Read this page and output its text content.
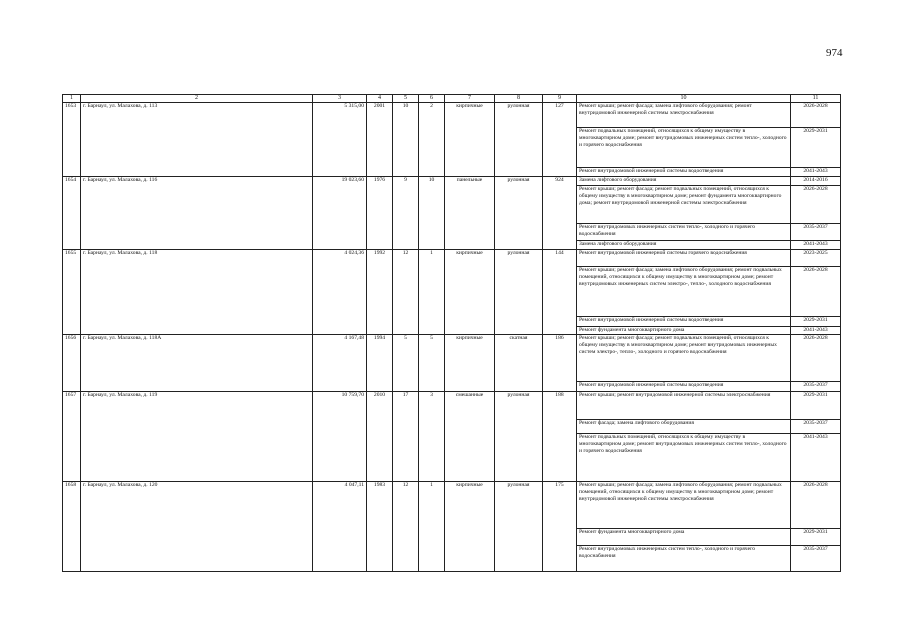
974
1	2	3	4	5	6	7	8	9	10	11
1653	г. Барнаул, ул. Малахова, д. 113	5 315,00	2001	10	2	кирпичные	рулонная	127	Ремонт крыши; ремонт фасада; замена лифтового оборудования; ремонт внутридомовой инженерной системы электроснабжения	2026-2028
									Ремонт подвальных помещений, относящихся к общему имуществу в многоквартирном доме; ремонт внутридомовых инженерных систем тепло-, холодного и горячего водоснабжения	2029-2031
									Ремонт внутридомовой инженерной системы водоотведения	2041-2043
1654	г. Барнаул, ул. Малахова, д. 116	19 023,60	1976	9	10	панельные	рулонная	924	Замена лифтового оборудования	2014-2016
									Ремонт крыши; ремонт фасада; ремонт подвальных помещений, относящихся к общему имуществу в многоквартирном доме; ремонт фундамента многоквартирного дома; ремонт внутридомовой инженерной системы электроснабжения	2026-2028
									Ремонт внутридомовых инженерных систем тепло-, холодного и горячего водоснабжения	2035-2037
									Замена лифтового оборудования	2041-2043
1655	г. Барнаул, ул. Малахова, д. 118	4 024,36	1992	12	1	кирпичные	рулонная	144	Ремонт внутридомовой инженерной системы горячего водоснабжения	2023-2025
									Ремонт крыши; ремонт фасада; замена лифтового оборудования; ремонт подвальных помещений, относящихся к общему имуществу в многоквартирном доме; ремонт внутридомовых инженерных систем электро-, тепло-, холодного водоснабжения	2026-2028
									Ремонт внутридомовой инженерной системы водоотведения	2029-2031
									Ремонт фундамента многоквартирного дома	2041-2043
1656	г. Барнаул, ул. Малахова, д. 118А	4 167,48	1994	5	5	кирпичные	скатная	186	Ремонт крыши; ремонт фасада; ремонт подвальных помещений, относящихся к общему имуществу в многоквартирном доме; ремонт внутридомовых инженерных систем электро-, тепло-, холодного и горячего водоснабжения	2026-2028
									Ремонт внутридомовой инженерной системы водоотведения	2035-2037
1657	г. Барнаул, ул. Малахова, д. 119	10 759,70	2010	17	3	смешанные	рулонная	188	Ремонт крыши; ремонт внутридомовой инженерной системы электроснабжения	2029-2031
									Ремонт фасада; замена лифтового оборудования	2035-2037
									Ремонт подвальных помещений, относящихся к общему имуществу в многоквартирном доме; ремонт внутридомовых инженерных систем тепло-, холодного и горячего водоснабжения	2041-2043
1658	г. Барнаул, ул. Малахова, д. 120	4 047,11	1983	12	1	кирпичные	рулонная	175	Ремонт крыши; ремонт фасада; замена лифтового оборудования; ремонт подвальных помещений, относящихся к общему имуществу в многоквартирном доме; ремонт внутридомовой инженерной системы электроснабжения	2026-2028
									Ремонт фундамента многоквартирного дома	2029-2031
									Ремонт внутридомовых инженерных систем тепло-, холодного и горячего водоснабжения	2035-2037
